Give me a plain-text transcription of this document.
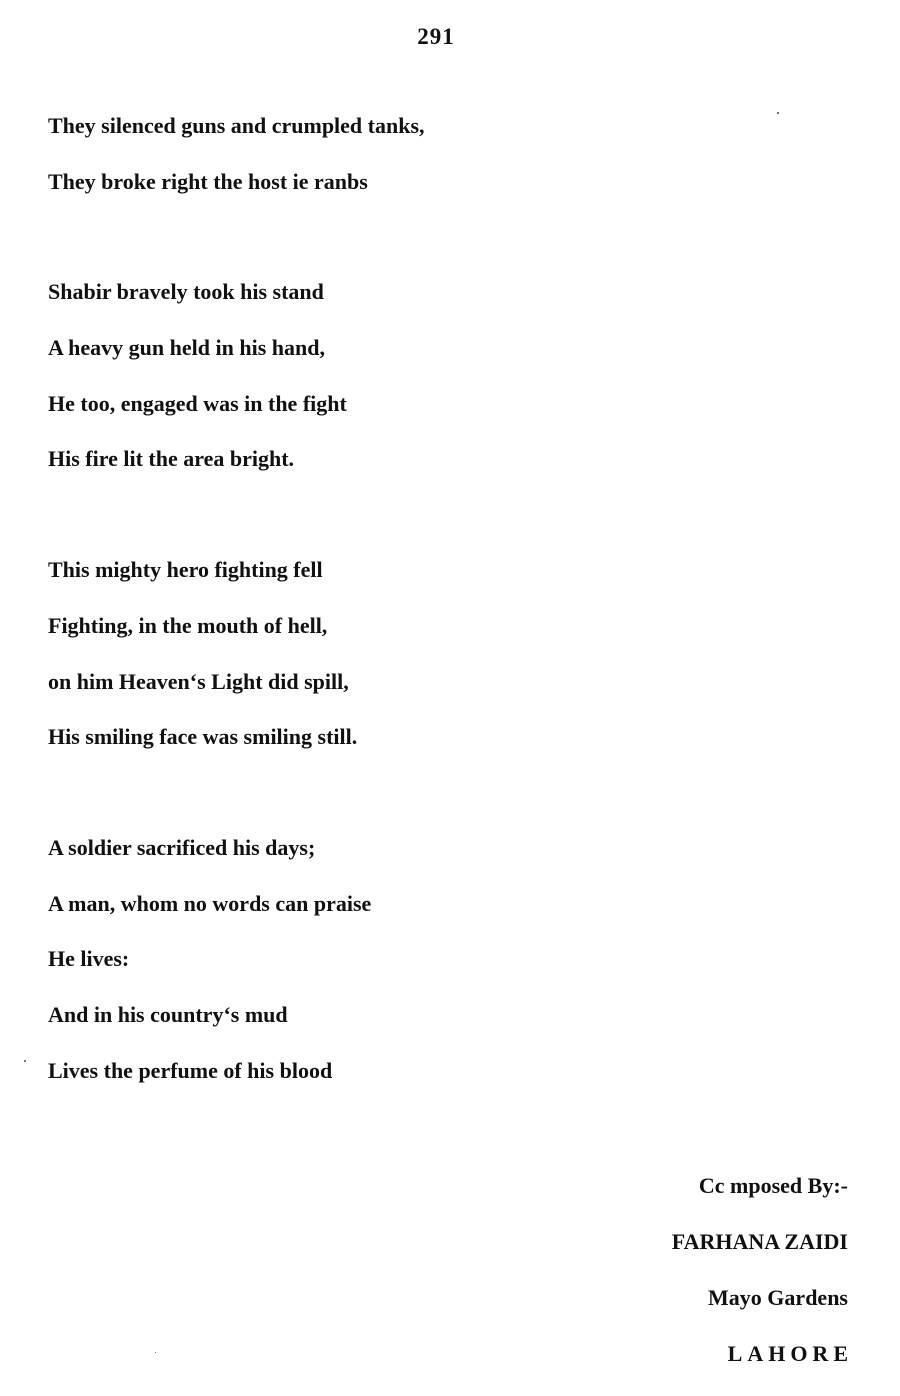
291
They silenced guns and crumpled tanks,
They broke right the host ie ranbs
Shabir bravely took his stand
A heavy gun held in his hand,
He too, engaged was in the fight
His fire lit the area bright.
This mighty hero fighting fell
Fighting, in the mouth of hell,
on him Heaven‘s Light did spill,
His smiling face was smiling still.
A soldier sacrificed his days;
A man, whom no words can praise
He lives:
And in his country‘s mud
Lives the perfume of his blood
Cc mposed By:-
FARHANA ZAIDI
Mayo Gardens
LAHORE
